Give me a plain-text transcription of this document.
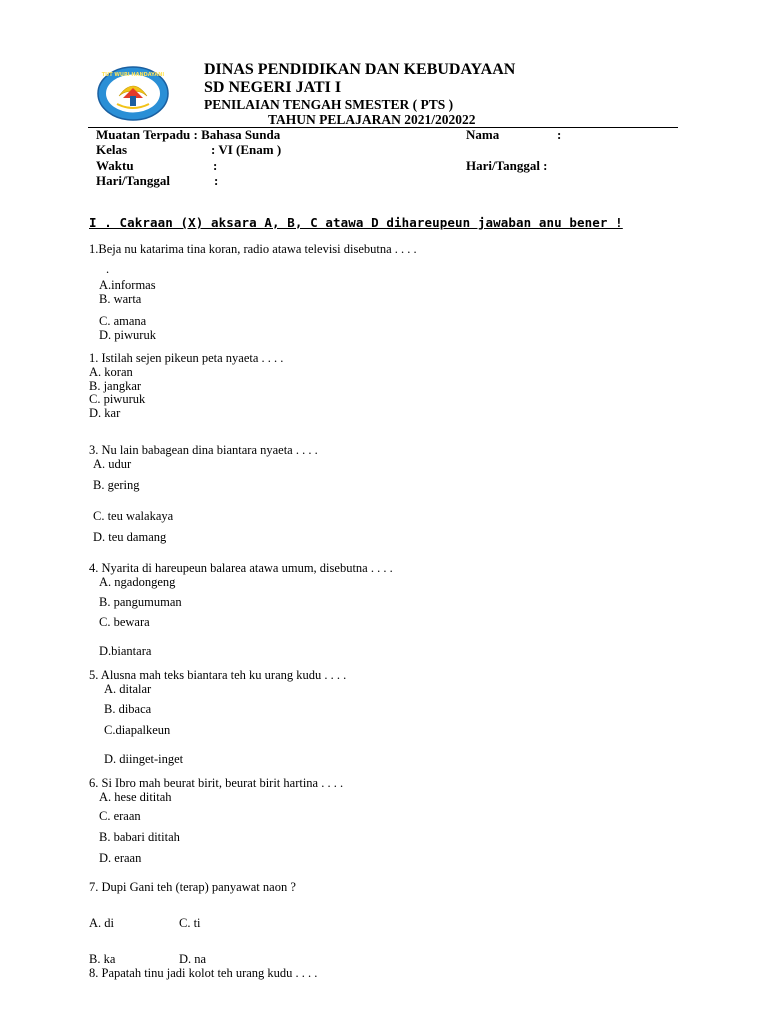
TUT WURI HANDAYANI DINAS PENDIDIKAN DAN KEBUDAYAAN
SD NEGERI JATI I
PENILAIAN TENGAH SMESTER ( PTS )
TAHUN PELAJARAN 2021/202022
Muatan Terpadu : Bahasa Sunda	Nama	:
Kelas	: VI (Enam )
Waktu	:	Hari/Tanggal :
Hari/Tanggal	:
I . Cakraan (X) aksara A, B, C atawa D dihareupeun jawaban anu bener !
1.Beja nu katarima tina koran, radio atawa televisi disebutna . . . .
.
A.informas
B. warta
C. amana
D. piwuruk
1. Istilah sejen pikeun peta nyaeta . . . .
A. koran
B. jangkar
C. piwuruk
D. kar
3. Nu lain babagean dina biantara nyaeta . . . .
A. udur
B. gering
C. teu walakaya
D. teu damang
4. Nyarita di hareupeun balarea atawa umum, disebutna . . . .
A. ngadongeng
B. pangumuman
C. bewara
D.biantara
5. Alusna mah teks biantara teh ku urang kudu . . . .
A. ditalar
B. dibaca
C.diapalkeun
D. diinget-inget
6. Si Ibro mah beurat birit, beurat birit hartina . . . .
A. hese dititah
C. eraan
B. babari dititah
D. eraan
7. Dupi Gani teh (terap) panyawat naon ?
A. di	C. ti
B. ka	D. na
8. Papatah tinu jadi kolot teh urang kudu . . . .
